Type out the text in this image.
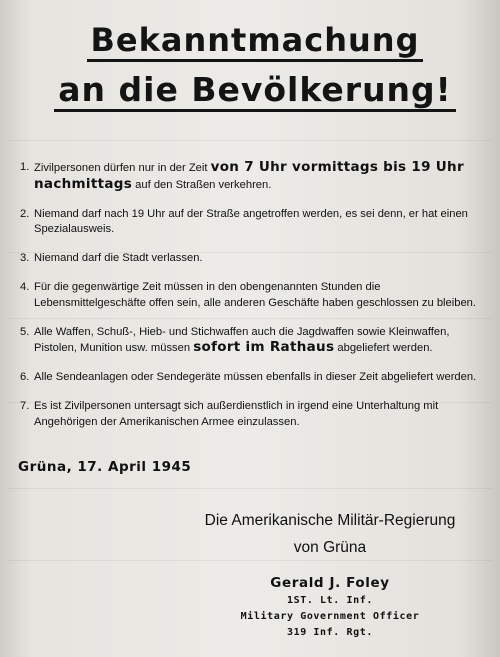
Bekanntmachung
an die Bevölkerung!
1. Zivilpersonen dürfen nur in der Zeit von 7 Uhr vormittags bis 19 Uhr nachmittags auf den Straßen verkehren.
2. Niemand darf nach 19 Uhr auf der Straße angetroffen werden, es sei denn, er hat einen Spezialausweis.
3. Niemand darf die Stadt verlassen.
4. Für die gegenwärtige Zeit müssen in den obengenannten Stunden die Lebensmittelgeschäfte offen sein, alle anderen Geschäfte haben geschlossen zu bleiben.
5. Alle Waffen, Schuß-, Hieb- und Stichwaffen auch die Jagdwaffen sowie Kleinwaffen, Pistolen, Munition usw. müssen sofort im Rathaus abgeliefert werden.
6. Alle Sendeanlagen oder Sendegeräte müssen ebenfalls in dieser Zeit abgeliefert werden.
7. Es ist Zivilpersonen untersagt sich außerdienstlich in irgend eine Unterhaltung mit Angehörigen der Amerikanischen Armee einzulassen.
Grüna, 17. April 1945
Die Amerikanische Militär-Regierung
von Grüna
Gerald J. Foley
1ST. Lt. Inf.
Military Government Officer
319 Inf. Rgt.
